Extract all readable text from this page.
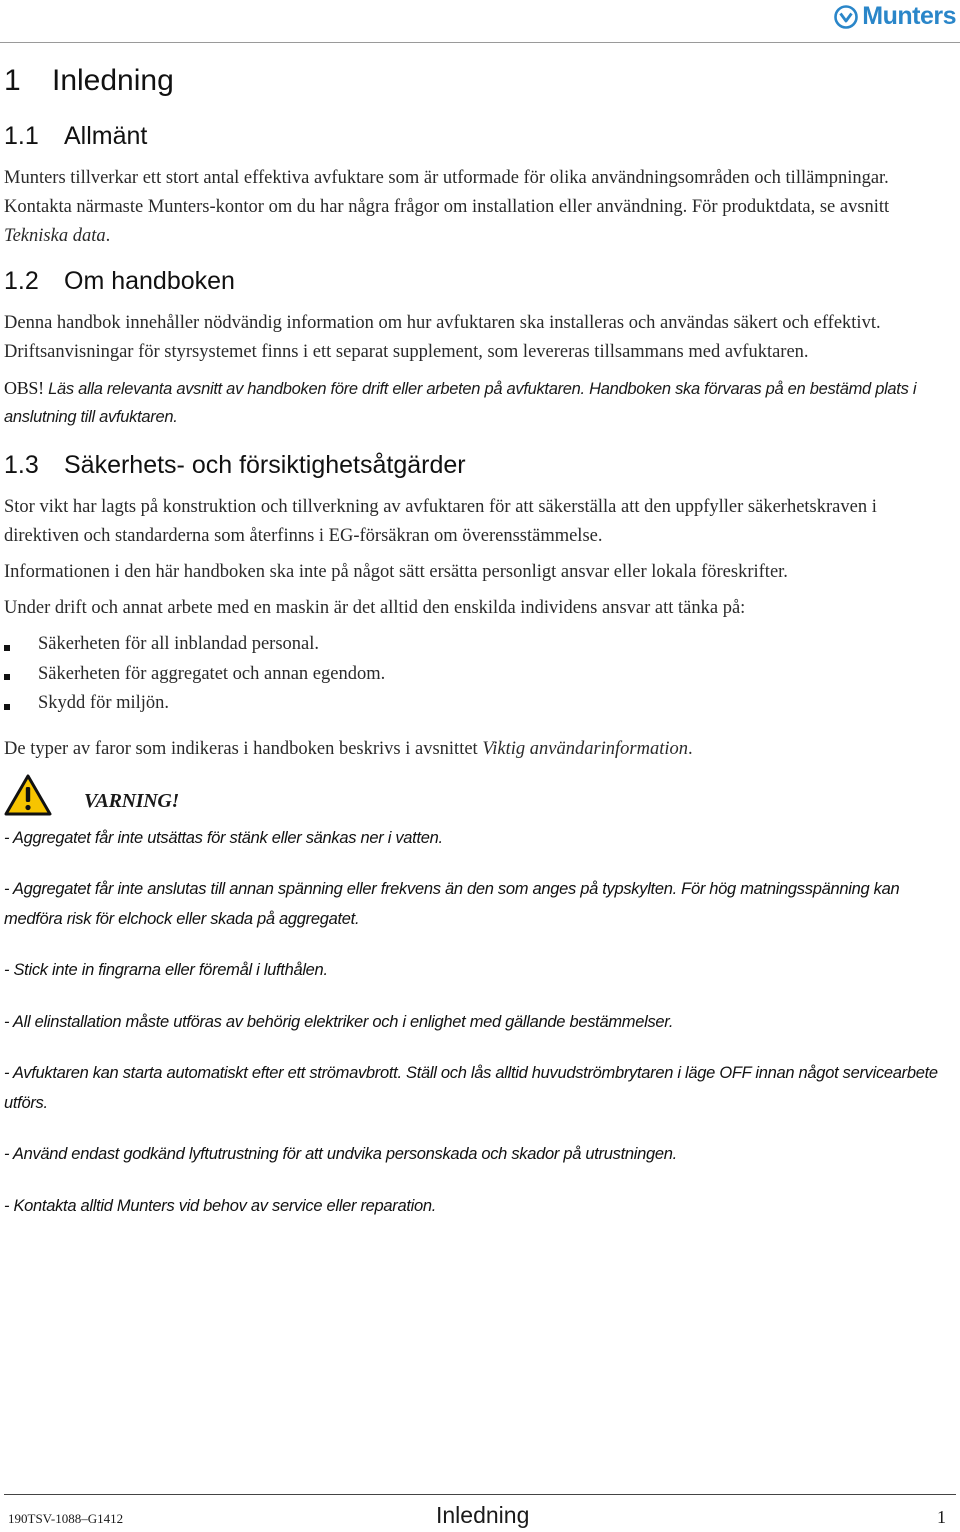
Munters
1 Inledning
1.1 Allmänt

Munters tillverkar ett stort antal effektiva avfuktare som är utformade för olika användningsområden och tillämpningar. Kontakta närmaste Munters-kontor om du har några frågor om installation eller användning. För produktdata, se avsnitt Tekniska data.

1.2 Om handboken

Denna handbok innehåller nödvändig information om hur avfuktaren ska installeras och användas säkert och effektivt. Driftsanvisningar för styrsystemet finns i ett separat supplement, som levereras tillsammans med avfuktaren.

OBS! Läs alla relevanta avsnitt av handboken före drift eller arbeten på avfuktaren. Handboken ska förvaras på en bestämd plats i anslutning till avfuktaren.

1.3 Säkerhets- och försiktighetsåtgärder

Stor vikt har lagts på konstruktion och tillverkning av avfuktaren för att säkerställa att den uppfyller säkerhetskraven i direktiven och standarderna som återfinns i EG-försäkran om överensstämmelse.

Informationen i den här handboken ska inte på något sätt ersätta personligt ansvar eller lokala föreskrifter.

Under drift och annat arbete med en maskin är det alltid den enskilda individens ansvar att tänka på:

Säkerheten för all inblandad personal.
Säkerheten för aggregatet och annan egendom.
Skydd för miljön.

De typer av faror som indikeras i handboken beskrivs i avsnittet Viktig användarinformation.

VARNING!

- Aggregatet får inte utsättas för stänk eller sänkas ner i vatten.

- Aggregatet får inte anslutas till annan spänning eller frekvens än den som anges på typskylten. För hög matningsspänning kan medföra risk för elchock eller skada på aggregatet.

- Stick inte in fingrarna eller föremål i lufthålen.

- All elinstallation måste utföras av behörig elektriker och i enlighet med gällande bestämmelser.

- Avfuktaren kan starta automatiskt efter ett strömavbrott. Ställ och lås alltid huvudströmbrytaren i läge OFF innan något servicearbete utförs.

- Använd endast godkänd lyftutrustning för att undvika personskada och skador på utrustningen.

- Kontakta alltid Munters vid behov av service eller reparation.

190TSV-1088–G1412	Inledning	1
